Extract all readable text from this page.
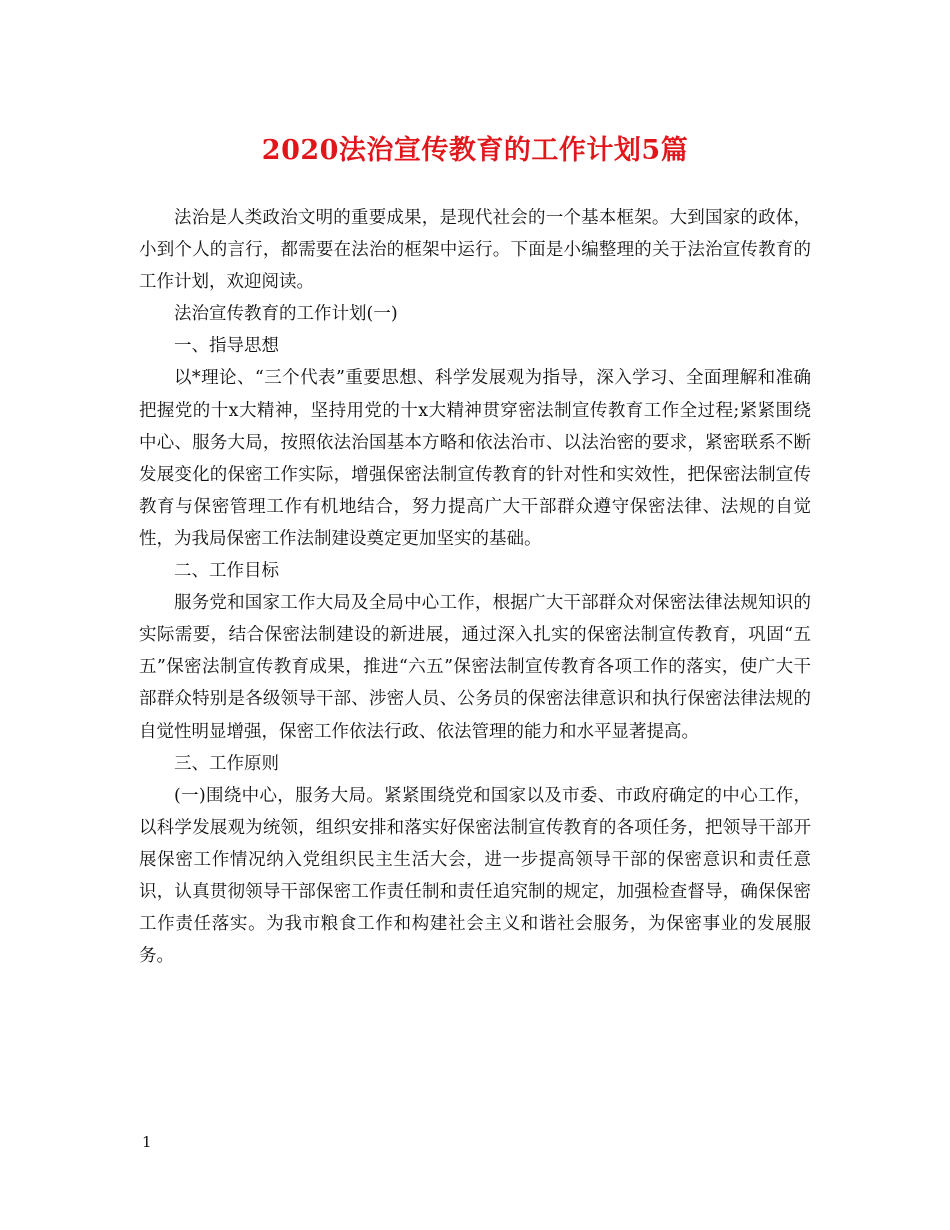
2020法治宣传教育的工作计划5篇

法治是人类政治文明的重要成果，是现代社会的一个基本框架。大到国家的政体，小到个人的言行，都需要在法治的框架中运行。下面是小编整理的关于法治宣传教育的工作计划，欢迎阅读。

法治宣传教育的工作计划(一)

一、指导思想

以*理论、“三个代表”重要思想、科学发展观为指导，深入学习、全面理解和准确把握党的十x大精神，坚持用党的十x大精神贯穿密法制宣传教育工作全过程;紧紧围绕中心、服务大局，按照依法治国基本方略和依法治市、以法治密的要求，紧密联系不断发展变化的保密工作实际，增强保密法制宣传教育的针对性和实效性，把保密法制宣传教育与保密管理工作有机地结合，努力提高广大干部群众遵守保密法律、法规的自觉性，为我局保密工作法制建设奠定更加坚实的基础。

二、工作目标

服务党和国家工作大局及全局中心工作，根据广大干部群众对保密法律法规知识的实际需要，结合保密法制建设的新进展，通过深入扎实的保密法制宣传教育，巩固“五五”保密法制宣传教育成果，推进“六五”保密法制宣传教育各项工作的落实，使广大干部群众特别是各级领导干部、涉密人员、公务员的保密法律意识和执行保密法律法规的自觉性明显增强，保密工作依法行政、依法管理的能力和水平显著提高。

三、工作原则

(一)围绕中心，服务大局。紧紧围绕党和国家以及市委、市政府确定的中心工作，以科学发展观为统领，组织安排和落实好保密法制宣传教育的各项任务，把领导干部开展保密工作情况纳入党组织民主生活大会，进一步提高领导干部的保密意识和责任意识，认真贯彻领导干部保密工作责任制和责任追究制的规定，加强检查督导，确保保密工作责任落实。为我市粮食工作和构建社会主义和谐社会服务，为保密事业的发展服务。

1
